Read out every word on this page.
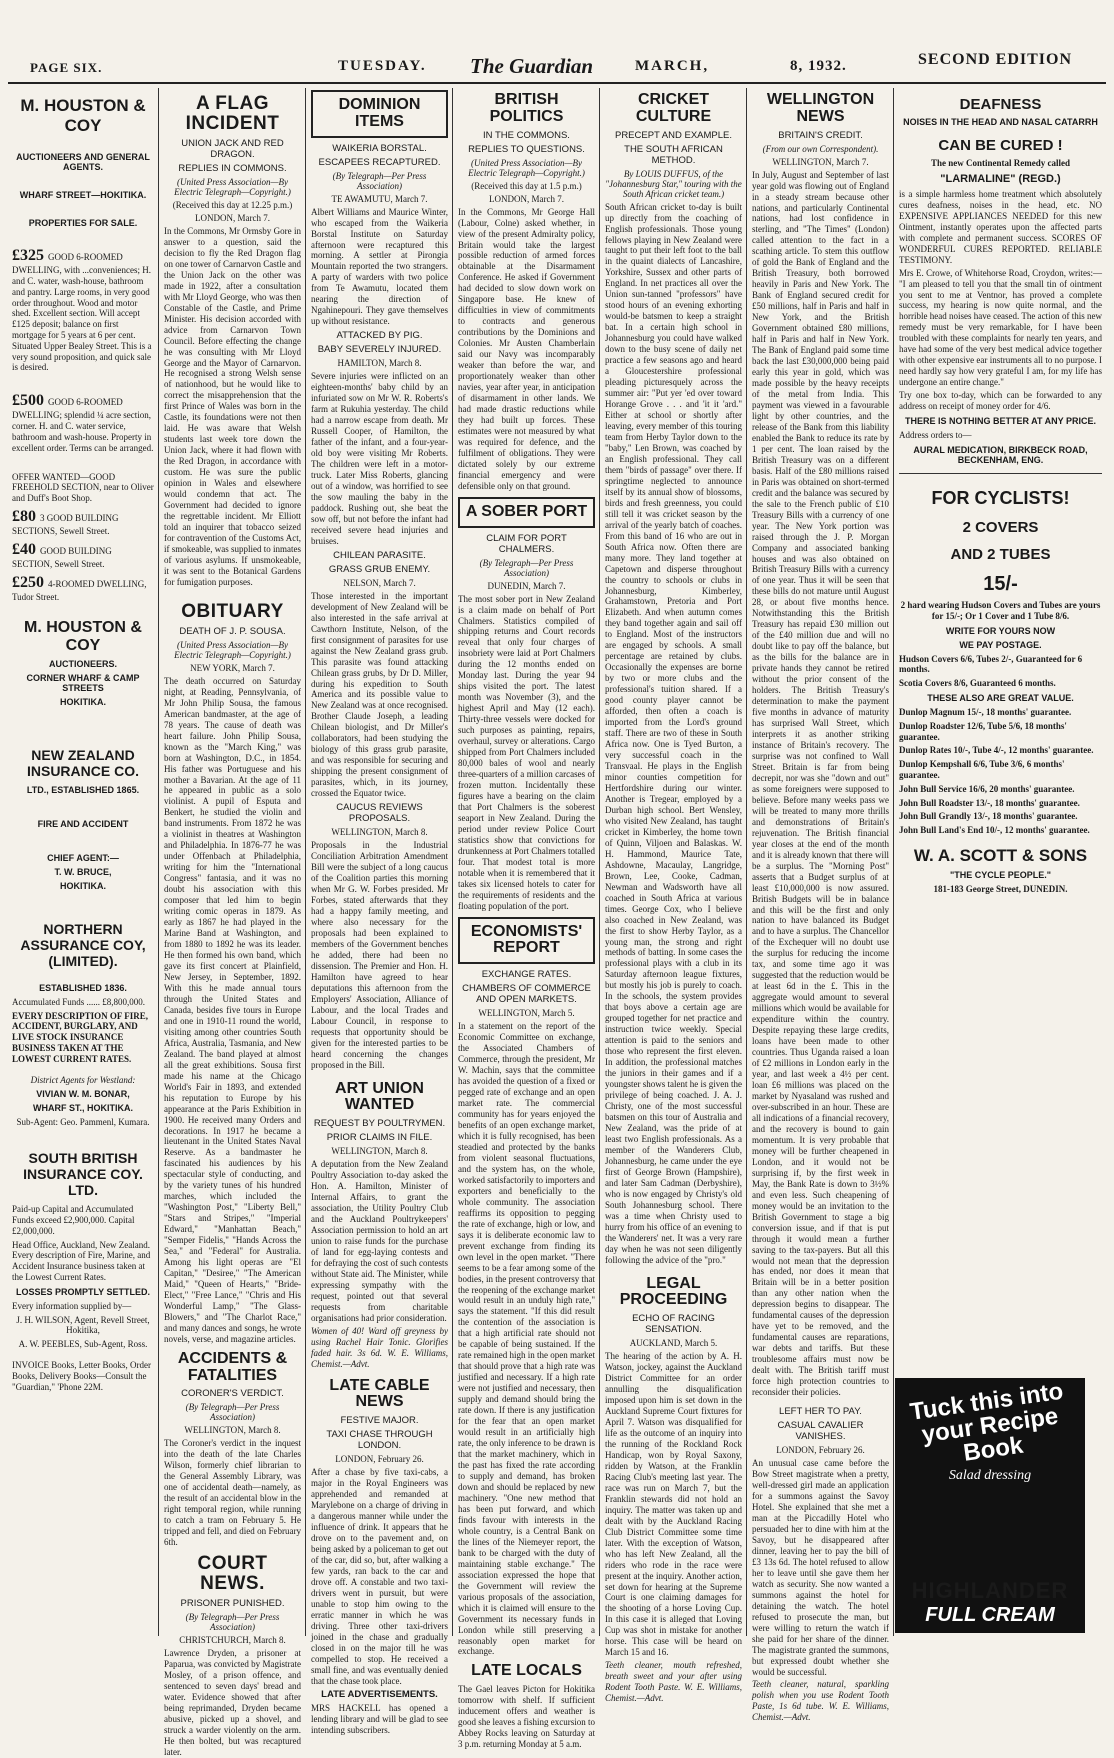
PAGE SIX.	TUESDAY. The Guardian	MARCH,	8, 1932.	SECOND EDITION
M. HOUSTON & COY
AUCTIONEERS AND GENERAL AGENTS.
WHARF STREET—HOKITIKA.
PROPERTIES FOR SALE.
£325 GOOD 6-ROOMED DWELLING, with ...conveniences; H. and C. water, wash-house, bathroom and pantry. Large rooms, in very good order throughout. Wood and motor shed. Excellent section. Will accept £125 deposit; balance on first mortgage for 5 years at 6 per cent. Situated Upper Bealey Street. This is a very sound proposition, and quick sale is desired.
£500 GOOD 6-ROOMED DWELLING; splendid ¼ acre section, corner. H. and C. water service, bathroom and wash-house. Property in excellent order. Terms can be arranged.
OFFER WANTED—GOOD FREEHOLD SECTION, near to Oliver and Duff's Boot Shop.
£80 3 GOOD BUILDING SECTIONS, Sewell Street.
£40 GOOD BUILDING SECTION, Sewell Street.
£250 4-ROOMED DWELLING, Tudor Street.
M. HOUSTON & COY
AUCTIONEERS.
CORNER WHARF & CAMP STREETS
HOKITIKA.
NEW ZEALAND INSURANCE CO.
LTD., ESTABLISHED 1865.
FIRE AND ACCIDENT
CHIEF AGENT:—
T. W. BRUCE,
HOKITIKA.
NORTHERN ASSURANCE COY, (LIMITED).
ESTABLISHED 1836.
Accumulated Funds ...... £8,800,000.
EVERY DESCRIPTION OF FIRE, ACCIDENT, BURGLARY, AND LIVE STOCK INSURANCE BUSINESS TAKEN AT THE LOWEST CURRENT RATES.
District Agents for Westland:
VIVIAN W. M. BONAR,
WHARF ST., HOKITIKA.
Sub-Agent: Geo. Pammenl, Kumara.
SOUTH BRITISH INSURANCE COY. LTD.
Paid-up Capital and Accumulated Funds exceed £2,900,000. Capital £2,000,000.
Head Office, Auckland, New Zealand. Every description of Fire, Marine, and Accident Insurance business taken at the Lowest Current Rates.
LOSSES PROMPTLY SETTLED.
Every information supplied by—
J. H. WILSON, Agent, Revell Street, Hokitika,
A. W. PEEBLES, Sub-Agent, Ross.
INVOICE Books, Letter Books, Order Books, Delivery Books—Consult the "Guardian," 'Phone 22M.
A FLAG INCIDENT
UNION JACK AND RED DRAGON.
REPLIES IN COMMONS.
(United Press Association—By Electric Telegraph—Copyright.)
(Received this day at 12.25 p.m.)
LONDON, March 7.
In the Commons, Mr Ormsby Gore in answer to a question, said the decision to fly the Red Dragon flag on one tower of Carnarvon Castle and the Union Jack on the other was made in 1922, after a consultation with Mr Lloyd George, who was then Constable of the Castle, and Prime Minister. His decision accorded with advice from Carnarvon Town Council. Before effecting the change he was consulting with Mr Lloyd George and the Mayor of Carnarvon. He recognised a strong Welsh sense of nationhood, but he would like to correct the misapprehension that the first Prince of Wales was born in the Castle, its foundations were not then laid. He was aware that Welsh students last week tore down the Union Jack, where it had flown with the Red Dragon, in accordance with custom. He was sure the public opinion in Wales and elsewhere would condemn that act. The Government had decided to ignore the regrettable incident. Mr Elliott told an inquirer that tobacco seized for contravention of the Customs Act, if smokeable, was supplied to inmates of various asylums. If unsmokeable, it was sent to the Botanical Gardens for fumigation purposes.
OBITUARY
DEATH OF J. P. SOUSA.
(United Press Association—By Electric Telegraph—Copyright.)
NEW YORK, March 7.
The death occurred on Saturday night, at Reading, Pennsylvania, of Mr John Philip Sousa, the famous American bandmaster, at the age of 78 years. The cause of death was heart failure. John Philip Sousa, known as the "March King," was born at Washington, D.C., in 1854. His father was Portuguese and his mother a Bavarian. At the age of 11 he appeared in public as a solo violinist. A pupil of Esputa and Benkert, he studied the violin and band instruments. From 1872 he was a violinist in theatres at Washington and Philadelphia. In 1876-77 he was under Offenbach at Philadelphia, writing for him the "International Congress" fantasia, and it was no doubt his association with this composer that led him to begin writing comic operas in 1879. As early as 1867 he had played in the Marine Band at Washington, and from 1880 to 1892 he was its leader. He then formed his own band, which gave its first concert at Plainfield, New Jersey, in September, 1892. With this he made annual tours through the United States and Canada, besides five tours in Europe and one in 1910-11 round the world, visiting among other countries South Africa, Australia, Tasmania, and New Zealand. The band played at almost all the great exhibitions. Sousa first made his name at the Chicago World's Fair in 1893, and extended his reputation to Europe by his appearance at the Paris Exhibition in 1900. He received many Orders and decorations. In 1917 he became a lieutenant in the United States Naval Reserve. As a bandmaster he fascinated his audiences by his spectacular style of conducting, and by the variety tunes of his hundred marches, which included the "Washington Post," "Liberty Bell," "Stars and Stripes," "Imperial Edward," "Manhattan Beach," "Semper Fidelis," "Hands Across the Sea," and "Federal" for Australia. Among his light operas are "El Capitan," "Desiree," "The American Maid," "Queen of Hearts," "Bride-Elect," "Free Lance," "Chris and His Wonderful Lamp," "The Glass-Blowers," and "The Charlot Race," and many dances and songs, he wrote novels, verse, and magazine articles.
ACCIDENTS & FATALITIES
CORONER'S VERDICT.
(By Telegraph—Per Press Association)
WELLINGTON, March 8.
The Coroner's verdict in the inquest into the death of the late Charles Wilson, formerly chief librarian to the General Assembly Library, was one of accidental death—namely, as the result of an accidental blow in the right temporal region, while running to catch a tram on February 5. He tripped and fell, and died on February 6th.
COURT NEWS.
PRISONER PUNISHED.
(By Telegraph—Per Press Association)
CHRISTCHURCH, March 8.
Lawrence Dryden, a prisoner at Paparua, was convicted by Magistrate Mosley, of a prison offence, and sentenced to seven days' bread and water. Evidence showed that after being reprimanded, Dryden became abusive, picked up a shovel, and struck a warder violently on the arm. He then bolted, but was recaptured later.
DOMINION ITEMS
WAIKERIA BORSTAL.
ESCAPEES RECAPTURED.
(By Telegraph—Per Press Association)
TE AWAMUTU, March 7.
Albert Williams and Maurice Winter, who escaped from the Waikeria Borstal Institute on Saturday afternoon were recaptured this morning. A settler at Pirongia Mountain reported the two strangers. A party of warders with two police from Te Awamutu, located them nearing the direction of Ngahinepouri. They gave themselves up without resistance.
ATTACKED BY PIG.
BABY SEVERELY INJURED.
HAMILTON, March 8.
Severe injuries were inflicted on an eighteen-months' baby child by an infuriated sow on Mr W. R. Roberts's farm at Rukuhia yesterday. The child had a narrow escape from death. Mr Russell Cooper, of Hamilton, the father of the infant, and a four-year-old boy were visiting Mr Roberts. The children were left in a motor-truck. Later Miss Roberts, glancing out of a window, was horrified to see the sow mauling the baby in the paddock. Rushing out, she beat the sow off, but not before the infant had received severe head injuries and bruises.
CHILEAN PARASITE.
GRASS GRUB ENEMY.
NELSON, March 7.
Those interested in the important development of New Zealand will be also interested in the safe arrival at Cawthorn Institute, Nelson, of the first consignment of parasites for use against the New Zealand grass grub. This parasite was found attacking Chilean grass grubs, by Dr D. Miller, during his expedition to South America and its possible value to New Zealand was at once recognised. Brother Claude Joseph, a leading Chilean biologist, and Dr Miller's collaborators, had been studying the biology of this grass grub parasite, and was responsible for securing and shipping the present consignment of parasites, which, in its journey, crossed the Equator twice.
CAUCUS REVIEWS PROPOSALS.
WELLINGTON, March 8.
Proposals in the Industrial Conciliation Arbitration Amendment Bill were the subject of a long caucus of the Coalition parties this morning when Mr G. W. Forbes presided. Mr Forbes, stated afterwards that they had a happy family meeting, and where also necessary for the proposals had been explained to members of the Government benches he added, there had been no dissension. The Premier and Hon. H. Hamilton have agreed to hear deputations this afternoon from the Employers' Association, Alliance of Labour, and the local Trades and Labour Council, in response to requests that opportunity should be given for the interested parties to be heard concerning the changes proposed in the Bill.
ART UNION WANTED
REQUEST BY POULTRYMEN.
PRIOR CLAIMS IN FILE.
WELLINGTON, March 8.
A deputation from the New Zealand Poultry Association to-day asked the Hon. A. Hamilton, Minister of Internal Affairs, to grant the association, the Utility Poultry Club and the Auckland Poultrykeepers' Association permission to hold an art union to raise funds for the purchase of land for egg-laying contests and for defraying the cost of such contests without State aid. The Minister, while expressing sympathy with the request, pointed out that several requests from charitable organisations had prior consideration.
Women of 40! Ward off greyness by using Rachel Hair Tonic. Glorifies faded hair. 3s 6d. W. E. Williams, Chemist.—Advt.
LATE CABLE NEWS
FESTIVE MAJOR.
TAXI CHASE THROUGH LONDON.
LONDON, February 26.
After a chase by five taxi-cabs, a major in the Royal Engineers was apprehended and remanded at Marylebone on a charge of driving in a dangerous manner while under the influence of drink. It appears that he drove on to the pavement and, on being asked by a policeman to get out of the car, did so, but, after walking a few yards, ran back to the car and drove off. A constable and two taxi-drivers went in pursuit, but were unable to stop him owing to the erratic manner in which he was driving. Three other taxi-drivers joined in the chase and gradually closed in on the major till he was compelled to stop. He received a small fine, and was eventually denied that the chase took place.
LATE ADVERTISEMENTS.
MRS HACKELL has opened a lending library and will be glad to see intending subscribers.
BRITISH POLITICS
IN THE COMMONS.
REPLIES TO QUESTIONS.
(United Press Association—By Electric Telegraph—Copyright.)
(Received this day at 1.5 p.m.)
LONDON, March 7.
In the Commons, Mr George Hall (Labour, Colne) asked whether, in view of the present Admiralty policy, Britain would take the largest possible reduction of armed forces obtainable at the Disarmament Conference. He asked if Government had decided to slow down work on Singapore base. He knew of difficulties in view of commitments to contracts and generous contributions by the Dominions and Colonies. Mr Austen Chamberlain said our Navy was incomparably weaker than before the war, and proportionately weaker than other navies, year after year, in anticipation of disarmament in other lands. We had made drastic reductions while they had built up forces. These estimates were not measured by what was required for defence, and the fulfilment of obligations. They were dictated solely by our extreme financial emergency and were defensible only on that ground.
A SOBER PORT
CLAIM FOR PORT CHALMERS.
(By Telegraph—Per Press Association)
DUNEDIN, March 7.
The most sober port in New Zealand is a claim made on behalf of Port Chalmers. Statistics compiled of shipping returns and Court records reveal that only four charges of insobriety were laid at Port Chalmers during the 12 months ended on Monday last. During the year 94 ships visited the port. The latest month was November (3), and the highest April and May (12 each). Thirty-three vessels were docked for such purposes as painting, repairs, overhaul, survey or alterations. Cargo shipped from Port Chalmers included 80,000 bales of wool and nearly three-quarters of a million carcases of frozen mutton. Incidentally these figures have a bearing on the claim that Port Chalmers is the soberest seaport in New Zealand. During the period under review Police Court statistics show that convictions for drunkenness at Port Chalmers totalled four. That modest total is more notable when it is remembered that it takes six licensed hotels to cater for the requirements of residents and the floating population of the port.
ECONOMISTS' REPORT
EXCHANGE RATES.
CHAMBERS OF COMMERCE AND OPEN MARKETS.
WELLINGTON, March 5.
In a statement on the report of the Economic Committee on exchange, the Associated Chambers of Commerce, through the president, Mr W. Machin, says that the committee has avoided the question of a fixed or pegged rate of exchange and an open market rate. The commercial community has for years enjoyed the benefits of an open exchange market, which it is fully recognised, has been steadied and protected by the banks from violent seasonal fluctuations, and the system has, on the whole, worked satisfactorily to importers and exporters and beneficially to the whole community. The association reaffirms its opposition to pegging the rate of exchange, high or low, and says it is deliberate economic law to prevent exchange from finding its own level in the open market. "There seems to be a fear among some of the bodies, in the present controversy that the reopening of the exchange market would result in an unduly high rate," says the statement. "If this did result the contention of the association is that a high artificial rate should not be capable of being sustained. If the rate remained high in the open market that should prove that a high rate was justified and necessary. If a high rate were not justified and necessary, then supply and demand should bring the rate down. If there is any justification for the fear that an open market would result in an artificially high rate, the only inference to be drawn is that the market machinery, which in the past has fixed the rate according to supply and demand, has broken down and should be replaced by new machinery. "One new method that has been put forward, and which finds favour with interests in the whole country, is a Central Bank on the lines of the Niemeyer report, the bank to be charged with the duty of maintaining stable exchange." The association expressed the hope that the Government will review the various proposals of the association, which it is claimed will ensure to the Government its necessary funds in London while still preserving a reasonably open market for exchange.
LATE LOCALS
The Gael leaves Picton for Hokitika tomorrow with shelf. If sufficient inducement offers and weather is good she leaves a fishing excursion to Abbey Rocks leaving on Saturday at 3 p.m. returning Monday at 5 a.m.
CRICKET CULTURE
PRECEPT AND EXAMPLE.
THE SOUTH AFRICAN METHOD.
By LOUIS DUFFUS, of the "Johannesburg Star," touring with the South African cricket team.)
South African cricket to-day is built up directly from the coaching of English professionals. Those young fellows playing in New Zealand were taught to put their left foot to the ball in the quaint dialects of Lancashire, Yorkshire, Sussex and other parts of England. In net practices all over the Union sun-tanned "professors" have stood hours of an evening exhorting would-be batsmen to keep a straight bat. In a certain high school in Johannesburg you could have walked down to the busy scene of daily net practice a few seasons ago and heard a Gloucestershire professional pleading picturesquely across the summer air: "Put yer 'ed over toward Horange Grove . . . and 'it it 'ard." Either at school or shortly after leaving, every member of this touring team from Herby Taylor down to the "baby," Len Brown, was coached by an English professional. They call them "birds of passage" over there. If springtime neglected to announce itself by its annual show of blossoms, birds and fresh greenness, you could still tell it was cricket season by the arrival of the yearly batch of coaches. From this band of 16 who are out in South Africa now. Often there are many more. They land together at Capetown and disperse throughout the country to schools or clubs in Johannesburg, Kimberley, Grahamstown, Pretoria and Port Elizabeth. And when autumn comes they band together again and sail off to England. Most of the instructors are engaged by schools. A small percentage are retained by clubs. Occasionally the expenses are borne by two or more clubs and the professional's tuition shared. If a good county player cannot be afforded, then often a coach is imported from the Lord's ground staff. There are two of these in South Africa now. One is Tyed Burton, a very successful coach in the Transvaal. He plays in the English minor counties competition for Hertfordshire during our winter. Another is Tregear, employed by a Durban high school. Bert Wensley, who visited New Zealand, has taught cricket in Kimberley, the home town of Quinn, Viljoen and Balaskas. W. H. Hammond, Maurice Tate, Ashdowne, Macaulay, Langridge, Brown, Lee, Cooke, Cadman, Newman and Wadsworth have all coached in South Africa at various times. George Cox, who I believe also coached in New Zealand, was the first to show Herby Taylor, as a young man, the strong and right methods of batting. In some cases the professional plays with a club in its Saturday afternoon league fixtures, but mostly his job is purely to coach. In the schools, the system provides that boys above a certain age are grouped together for net practice and instruction twice weekly. Special attention is paid to the seniors and those who represent the first eleven. In addition, the professional matches the juniors in their games and if a youngster shows talent he is given the privilege of being coached. J. A. J. Christy, one of the most successful batsmen on this tour of Australia and New Zealand, was the pride of at least two English professionals. As a member of the Wanderers Club, Johannesburg, he came under the eye first of George Brown (Hampshire), and later Sam Cadman (Derbyshire), who is now engaged by Christy's old South Johannesburg school. There was a time when Christy used to hurry from his office of an evening to the Wanderers' net. It was a very rare day when he was not seen diligently following the advice of the "pro."
LEGAL PROCEEDING
ECHO OF RACING SENSATION.
AUCKLAND, March 5.
The hearing of the action by A. H. Watson, jockey, against the Auckland District Committee for an order annulling the disqualification imposed upon him is set down in the Auckland Supreme Court fixtures for April 7. Watson was disqualified for life as the outcome of an inquiry into the running of the Rockland Rock Handicap, won by Royal Saxony, ridden by Watson, at the Franklin Racing Club's meeting last year. The race was run on March 7, but the Franklin stewards did not hold an inquiry. The matter was taken up and dealt with by the Auckland Racing Club District Committee some time later. With the exception of Watson, who has left New Zealand, all the riders who rode in the race were present at the inquiry. Another action, set down for hearing at the Supreme Court is one claiming damages for the shooting of a horse Loving Cup. In this case it is alleged that Loving Cup was shot in mistake for another horse. This case will be heard on March 15 and 16.
Teeth cleaner, mouth refreshed, breath sweet and your after using Rodent Tooth Paste. W. E. Williams, Chemist.—Advt.
WELLINGTON NEWS
BRITAIN'S CREDIT.
(From our own Correspondent).
WELLINGTON, March 7.
In July, August and September of last year gold was flowing out of England in a steady stream because other nations, and particularly Continental nations, had lost confidence in sterling, and "The Times" (London) called attention to the fact in a scathing article. To stem this outflow of gold the Bank of England and the British Treasury, both borrowed heavily in Paris and New York. The Bank of England secured credit for £50 millions, half in Paris and half in New York, and the British Government obtained £80 millions, half in Paris and half in New York. The Bank of England paid some time back the last £30,000,000 being paid early this year in gold, which was made possible by the heavy receipts of the metal from India. This payment was viewed in a favourable light by other countries, and the release of the Bank from this liability enabled the Bank to reduce its rate by 1 per cent. The loan raised by the British Treasury was on a different basis. Half of the £80 millions raised in Paris was obtained on short-termed credit and the balance was secured by the sale to the French public of £10 Treasury Bills with a currency of one year. The New York portion was raised through the J. P. Morgan Company and associated banking houses and was also obtained on British Treasury Bills with a currency of one year. Thus it will be seen that these bills do not mature until August 28, or about five months hence. Notwithstanding this the British Treasury has repaid £30 million out of the £40 million due and will no doubt like to pay off the balance, but as the bills for the balance are in private hands they cannot be retired without the prior consent of the holders. The British Treasury's determination to make the payment five months in advance of maturity has surprised Wall Street, which interprets it as another striking instance of Britain's recovery. The surprise was not confined to Wall Street. Britain is far from being decrepit, nor was she "down and out" as some foreigners were supposed to believe. Before many weeks pass we will be treated to many more thrills and demonstrations of Britain's rejuvenation. The British financial year closes at the end of the month and it is already known that there will be a surplus. The "Morning Post" asserts that a Budget surplus of at least £10,000,000 is now assured. British Budgets will be in balance and this will be the first and only nation to have balanced its Budget and to have a surplus. The Chancellor of the Exchequer will no doubt use the surplus for reducing the income tax, and some time ago it was suggested that the reduction would be at least 6d in the £. This in the aggregate would amount to several millions which would be available for expenditure within the country. Despite repaying these large credits, loans have been made to other countries. Thus Uganda raised a loan of £2 millions in London early in the year, and last week a 4½ per cent. loan £6 millions was placed on the market by Nyasaland was rushed and over-subscribed in an hour. These are all indications of a financial recovery, and the recovery is bound to gain momentum. It is very probable that money will be further cheapened in London, and it would not be surprising if, by the first week in May, the Bank Rate is down to 3½% and even less. Such cheapening of money would be an invitation to the British Government to stage a big conversion issue, and if that is put through it would mean a further saving to the tax-payers. But all this would not mean that the depression has ended, nor does it mean that Britain will be in a better position than any other nation when the depression begins to disappear. The fundamental causes of the depression have yet to be removed, and the fundamental causes are reparations, war debts and tariffs. But these troublesome affairs must now be dealt with. The British tariff must force high protection countries to reconsider their policies.
LEFT HER TO PAY.
CASUAL CAVALIER VANISHES.
LONDON, February 26.
An unusual case came before the Bow Street magistrate when a pretty, well-dressed girl made an application for a summons against the Savoy Hotel. She explained that she met a man at the Piccadilly Hotel who persuaded her to dine with him at the Savoy, but he disappeared after dinner, leaving her to pay the bill of £3 13s 6d. The hotel refused to allow her to leave until she gave them her watch as security. She now wanted a summons against the hotel for detaining the watch. The hotel refused to prosecute the man, but were willing to return the watch if she paid for her share of the dinner. The magistrate granted the summons, but expressed doubt whether she would be successful.
Teeth cleaner, natural, sparkling polish when you use Rodent Tooth Paste, 1s 6d tube. W. E. Williams, Chemist.—Advt.
DEAFNESS
NOISES IN THE HEAD AND NASAL CATARRH
CAN BE CURED !
The new Continental Remedy called
"LARMALINE" (REGD.)
is a simple harmless home treatment which absolutely cures deafness, noises in the head, etc. NO EXPENSIVE APPLIANCES NEEDED for this new Ointment, instantly operates upon the affected parts with complete and permanent success. SCORES OF WONDERFUL CURES REPORTED. RELIABLE TESTIMONY.
Mrs E. Crowe, of Whitehorse Road, Croydon, writes:— "I am pleased to tell you that the small tin of ointment you sent to me at Ventnor, has proved a complete success, my hearing is now quite normal, and the horrible head noises have ceased. The action of this new remedy must be very remarkable, for I have been troubled with these complaints for nearly ten years, and have had some of the very best medical advice together with other expensive ear instruments all to no purpose. I need hardly say how very grateful I am, for my life has undergone an entire change."
Try one box to-day, which can be forwarded to any address on receipt of money order for 4/6.
THERE IS NOTHING BETTER AT ANY PRICE.
Address orders to—
AURAL MEDICATION, BIRKBECK ROAD, BECKENHAM, ENG.
FOR CYCLISTS!
2 COVERS
AND 2 TUBES
15/-
2 hard wearing Hudson Covers and Tubes are yours for 15/-; Or 1 Cover and 1 Tube 8/6.
WRITE FOR YOURS NOW
WE PAY POSTAGE.
Hudson Covers 6/6, Tubes 2/-, Guaranteed for 6 months.
Scotia Covers 8/6, Guaranteed 6 months.
THESE ALSO ARE GREAT VALUE.
Dunlop Magnum 15/-, 18 months' guarantee.
Dunlop Roadster 12/6, Tube 5/6, 18 months' guarantee.
Dunlop Rates 10/-, Tube 4/-, 12 months' guarantee.
Dunlop Kempshall 6/6, Tube 3/6, 6 months' guarantee.
John Bull Service 16/6, 20 months' guarantee.
John Bull Roadster 13/-, 18 months' guarantee.
John Bull Grandly 13/-, 18 months' guarantee.
John Bull Land's End 10/-, 12 months' guarantee.
W. A. SCOTT & SONS
"THE CYCLE PEOPLE."
181-183 George Street, DUNEDIN.
Tuck this into your Recipe Book
Salad dressing
HIGHLANDER
FULL CREAM
